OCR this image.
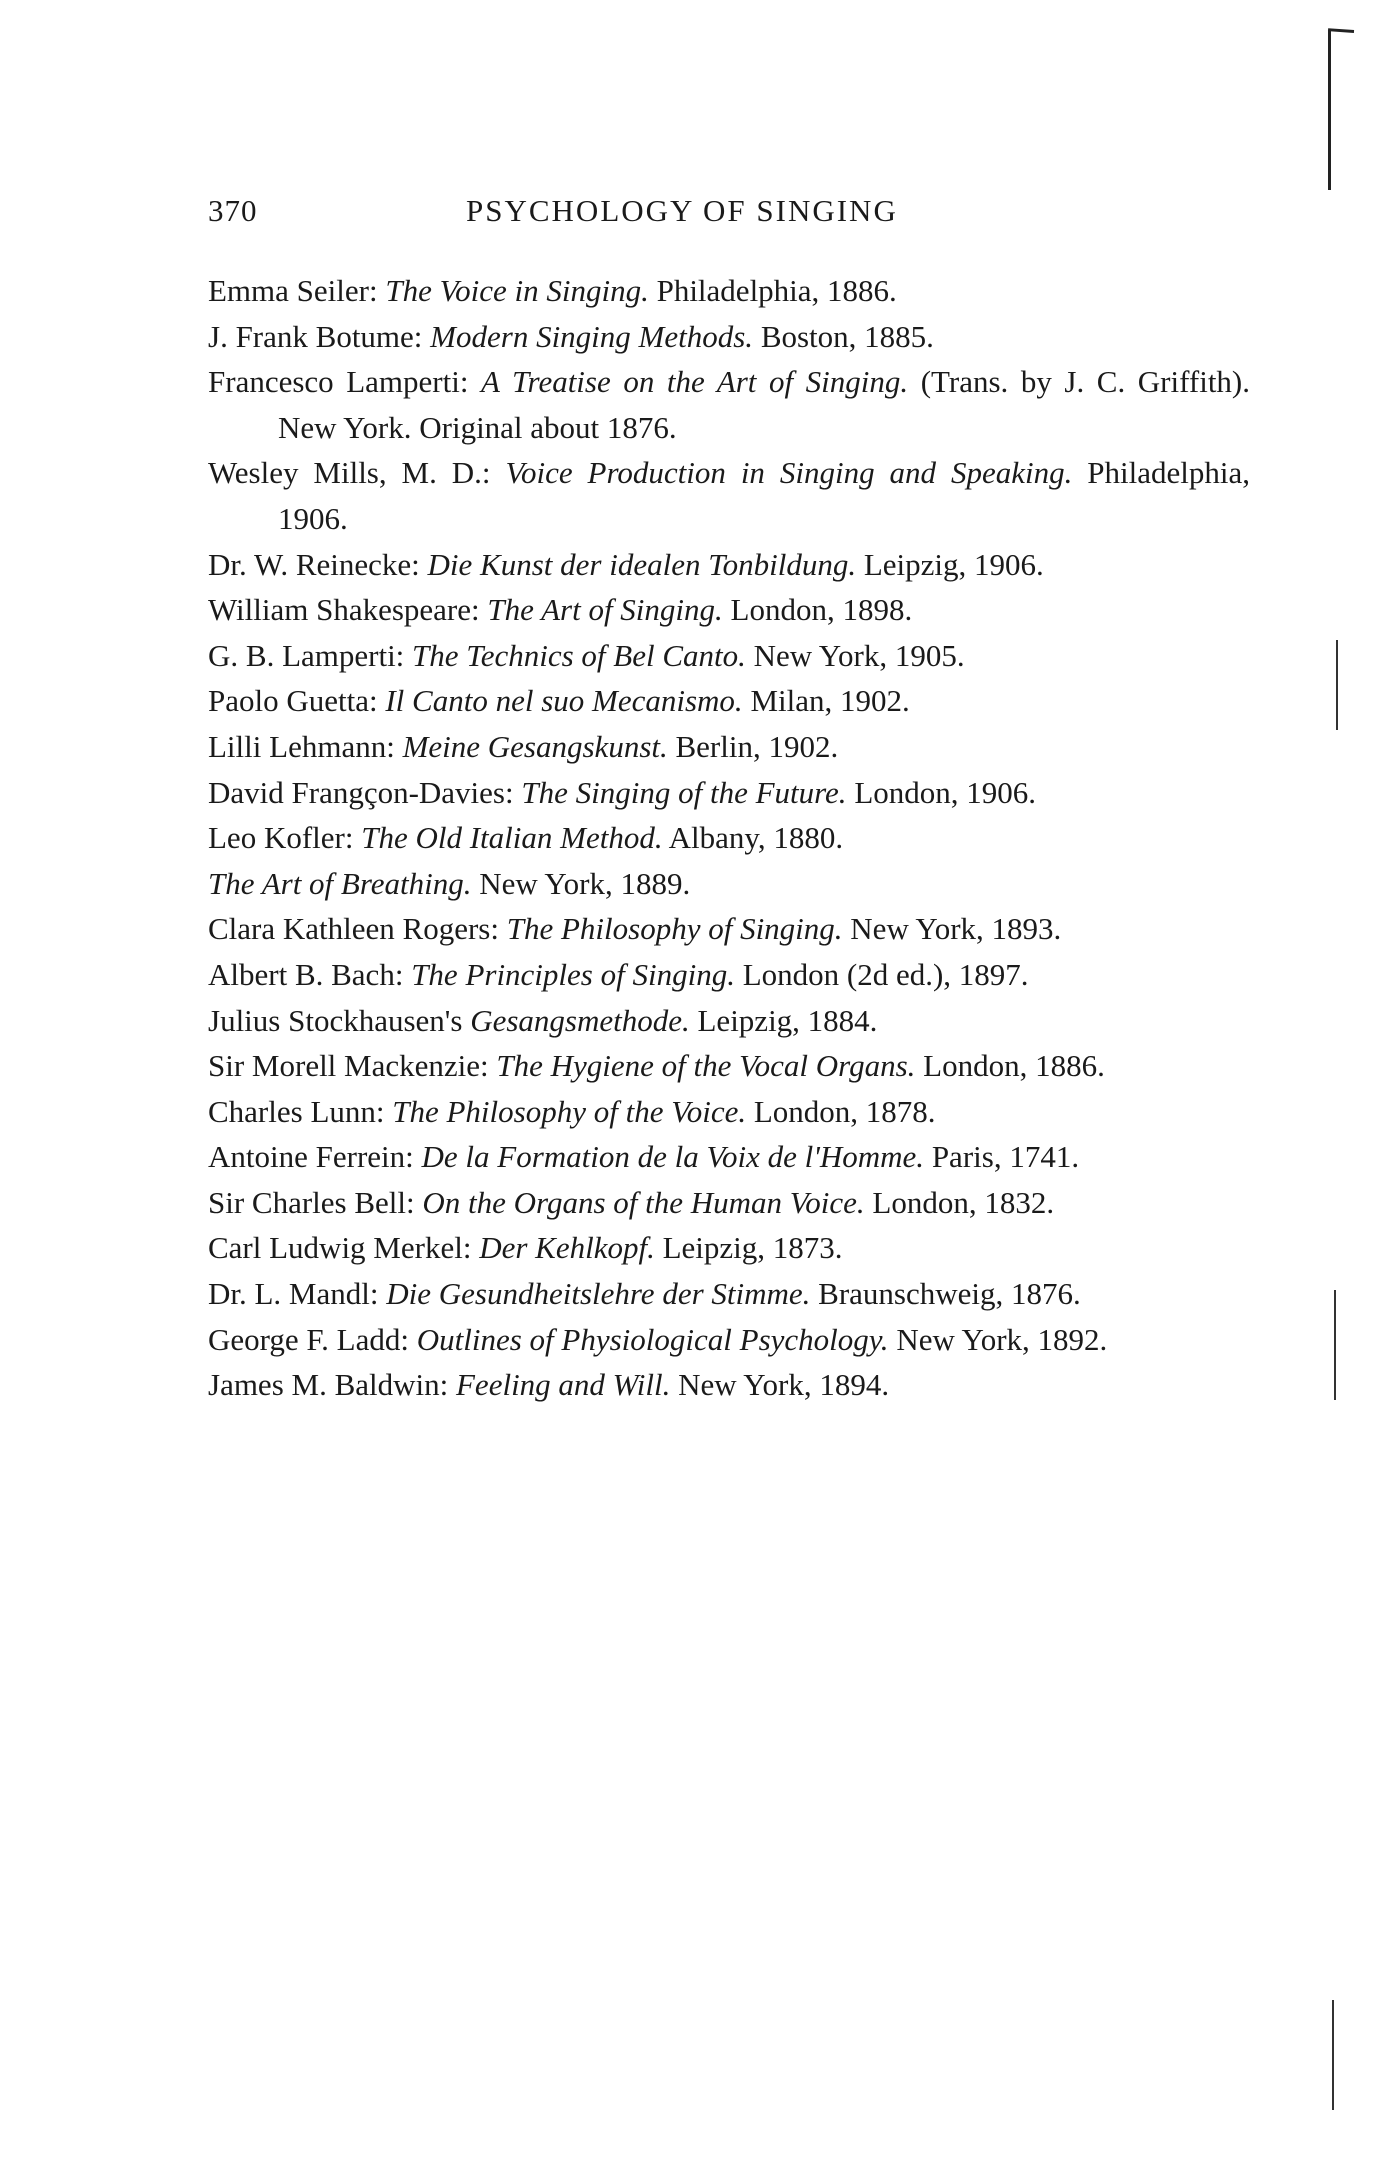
370	PSYCHOLOGY OF SINGING

Emma Seiler: The Voice in Singing. Philadelphia, 1886.

J. Frank Botume: Modern Singing Methods. Boston, 1885.

Francesco Lamperti: A Treatise on the Art of Singing. (Trans. by J. C. Griffith). New York. Original about 1876.

Wesley Mills, M. D.: Voice Production in Singing and Speaking. Philadelphia, 1906.

Dr. W. Reinecke: Die Kunst der idealen Tonbildung. Leipzig, 1906.

William Shakespeare: The Art of Singing. London, 1898.

G. B. Lamperti: The Technics of Bel Canto. New York, 1905.

Paolo Guetta: Il Canto nel suo Mecanismo. Milan, 1902.

Lilli Lehmann: Meine Gesangskunst. Berlin, 1902.

David Frangçon-Davies: The Singing of the Future. London, 1906.

Leo Kofler: The Old Italian Method. Albany, 1880.

The Art of Breathing. New York, 1889.

Clara Kathleen Rogers: The Philosophy of Singing. New York, 1893.

Albert B. Bach: The Principles of Singing. London (2d ed.), 1897.

Julius Stockhausen's Gesangsmethode. Leipzig, 1884.

Sir Morell Mackenzie: The Hygiene of the Vocal Organs. London, 1886.

Charles Lunn: The Philosophy of the Voice. London, 1878.

Antoine Ferrein: De la Formation de la Voix de l'Homme. Paris, 1741.

Sir Charles Bell: On the Organs of the Human Voice. London, 1832.

Carl Ludwig Merkel: Der Kehlkopf. Leipzig, 1873.

Dr. L. Mandl: Die Gesundheitslehre der Stimme. Braunschweig, 1876.

George F. Ladd: Outlines of Physiological Psychology. New York, 1892.

James M. Baldwin: Feeling and Will. New York, 1894.
